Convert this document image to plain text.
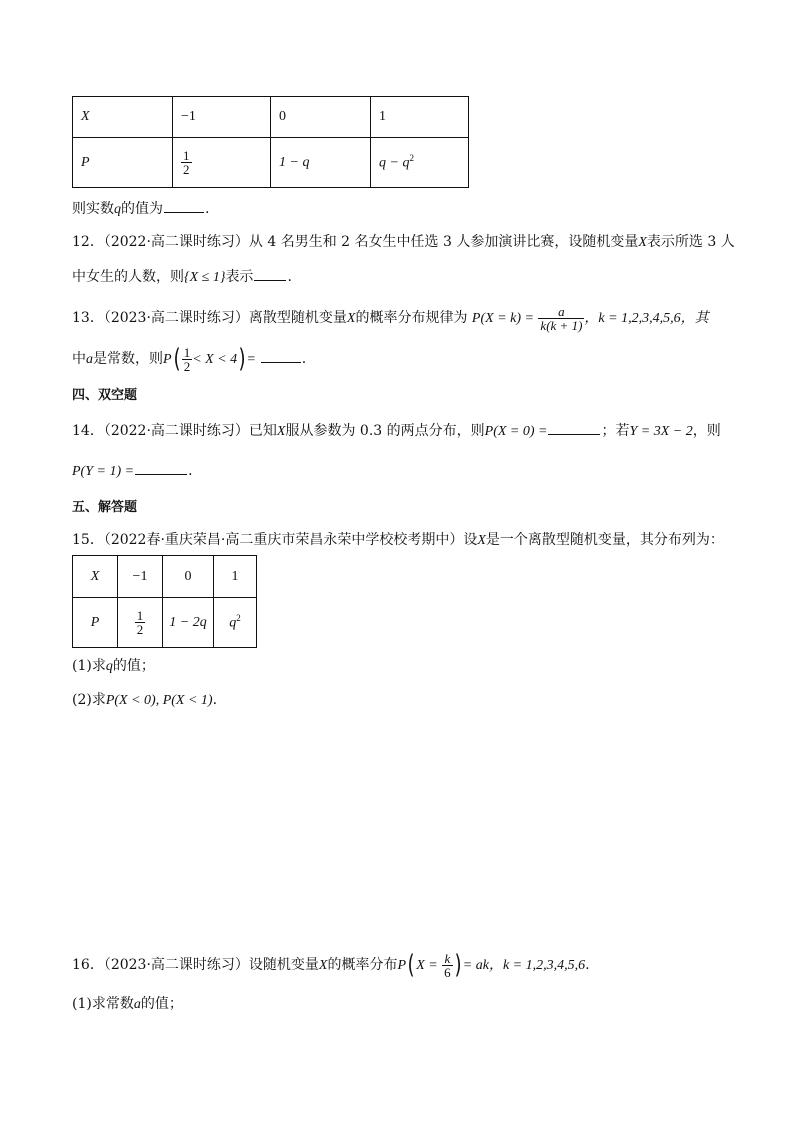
X	−1	0	1
P	$\frac{1}{2}$	1 − q	$q - q^2$
则实数q的值为	.
12．（2022·高二课时练习）从 4 名男生和 2 名女生中任选 3 人参加演讲比赛，设随机变量X表示所选 3 人
中女生的人数，则{X ≤ 1}表示 .
13．（2023·高二课时练习）离散型随机变量X的概率分布规律为 $P(X = k) = \frac{a}{k(k + 1)}$ ，k = 1,2,3,4,5,6，其
中a是常数，则$P( \frac{1}{2} < X < 4)$ =	.
四、双空题
14．（2022·高二课时练习）已知X服从参数为 0.3 的两点分布，则P(X = 0) =	；若Y = 3X − 2，则
P(Y = 1) =	.
五、解答题
15．（2022春·重庆荣昌·高二重庆市荣昌永荣中学校校考期中）设X是一个离散型随机变量，其分布列为：
X	−1	0	1
P	$\frac{1}{2}$	1 − 2q	$q^2$
(1)求q的值；
(2)求P(X < 0), P(X < 1).
16．（2023·高二课时练习）设随机变量X的概率分布P( $X = \frac{k}{6}$ ) = ak，k = 1,2,3,4,5,6.
(1)求常数a的值；
